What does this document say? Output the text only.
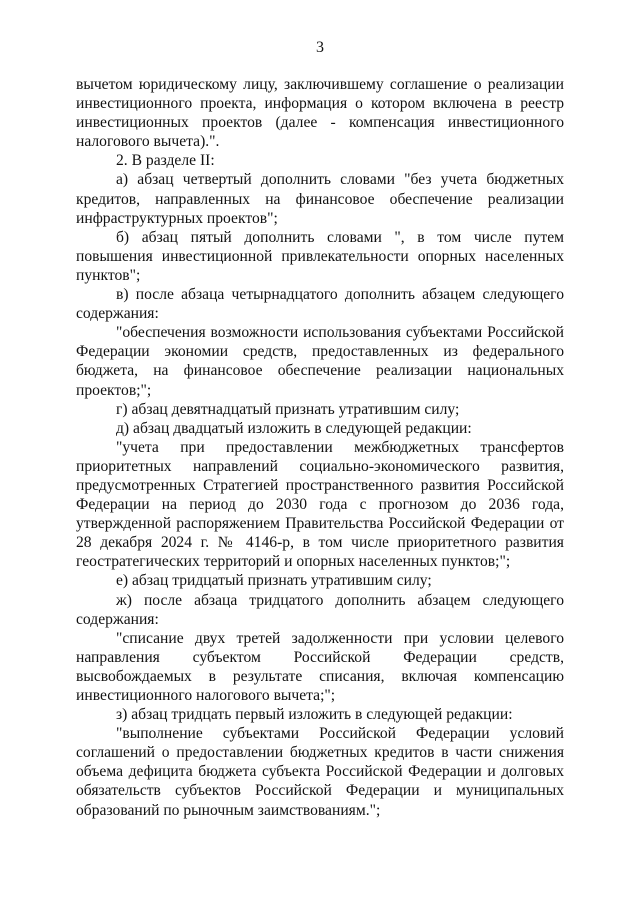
3

вычетом юридическому лицу, заключившему соглашение о реализации инвестиционного проекта, информация о котором включена в реестр инвестиционных проектов (далее - компенсация инвестиционного налогового вычета).".

2. В разделе II:

а) абзац четвертый дополнить словами "без учета бюджетных кредитов, направленных на финансовое обеспечение реализации инфраструктурных проектов";

б) абзац пятый дополнить словами ", в том числе путем повышения инвестиционной привлекательности опорных населенных пунктов";

в) после абзаца четырнадцатого дополнить абзацем следующего содержания:

"обеспечения возможности использования субъектами Российской Федерации экономии средств, предоставленных из федерального бюджета, на финансовое обеспечение реализации национальных проектов;";

г) абзац девятнадцатый признать утратившим силу;

д) абзац двадцатый изложить в следующей редакции:

"учета при предоставлении межбюджетных трансфертов приоритетных направлений социально-экономического развития, предусмотренных Стратегией пространственного развития Российской Федерации на период до 2030 года с прогнозом до 2036 года, утвержденной распоряжением Правительства Российской Федерации от 28 декабря 2024 г. № 4146-р, в том числе приоритетного развития геостратегических территорий и опорных населенных пунктов;";

е) абзац тридцатый признать утратившим силу;

ж) после абзаца тридцатого дополнить абзацем следующего содержания:

"списание двух третей задолженности при условии целевого направления субъектом Российской Федерации средств, высвобождаемых в результате списания, включая компенсацию инвестиционного налогового вычета;";

з) абзац тридцать первый изложить в следующей редакции:

"выполнение субъектами Российской Федерации условий соглашений о предоставлении бюджетных кредитов в части снижения объема дефицита бюджета субъекта Российской Федерации и долговых обязательств субъектов Российской Федерации и муниципальных образований по рыночным заимствованиям.";
